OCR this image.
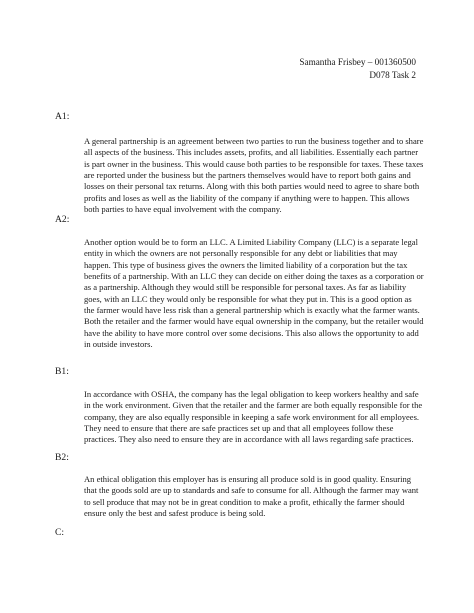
Samantha Frisbey – 001360500
D078 Task 2
A1:
A general partnership is an agreement between two parties to run the business together and to share all aspects of the business. This includes assets, profits, and all liabilities. Essentially each partner is part owner in the business. This would cause both parties to be responsible for taxes. These taxes are reported under the business but the partners themselves would have to report both gains and losses on their personal tax returns. Along with this both parties would need to agree to share both profits and loses as well as the liability of the company if anything were to happen. This allows both parties to have equal involvement with the company.
A2:
Another option would be to form an LLC. A Limited Liability Company (LLC) is a separate legal entity in which the owners are not personally responsible for any debt or liabilities that may happen. This type of business gives the owners the limited liability of a corporation but the tax benefits of a partnership. With an LLC they can decide on either doing the taxes as a corporation or as a partnership. Although they would still be responsible for personal taxes. As far as liability goes, with an LLC they would only be responsible for what they put in. This is a good option as the farmer would have less risk than a general partnership which is exactly what the farmer wants. Both the retailer and the farmer would have equal ownership in the company, but the retailer would have the ability to have more control over some decisions. This also allows the opportunity to add in outside investors.
B1:
In accordance with OSHA, the company has the legal obligation to keep workers healthy and safe in the work environment. Given that the retailer and the farmer are both equally responsible for the company, they are also equally responsible in keeping a safe work environment for all employees. They need to ensure that there are safe practices set up and that all employees follow these practices. They also need to ensure they are in accordance with all laws regarding safe practices.
B2:
An ethical obligation this employer has is ensuring all produce sold is in good quality. Ensuring that the goods sold are up to standards and safe to consume for all. Although the farmer may want to sell produce that may not be in great condition to make a profit, ethically the farmer should ensure only the best and safest produce is being sold.
C:
